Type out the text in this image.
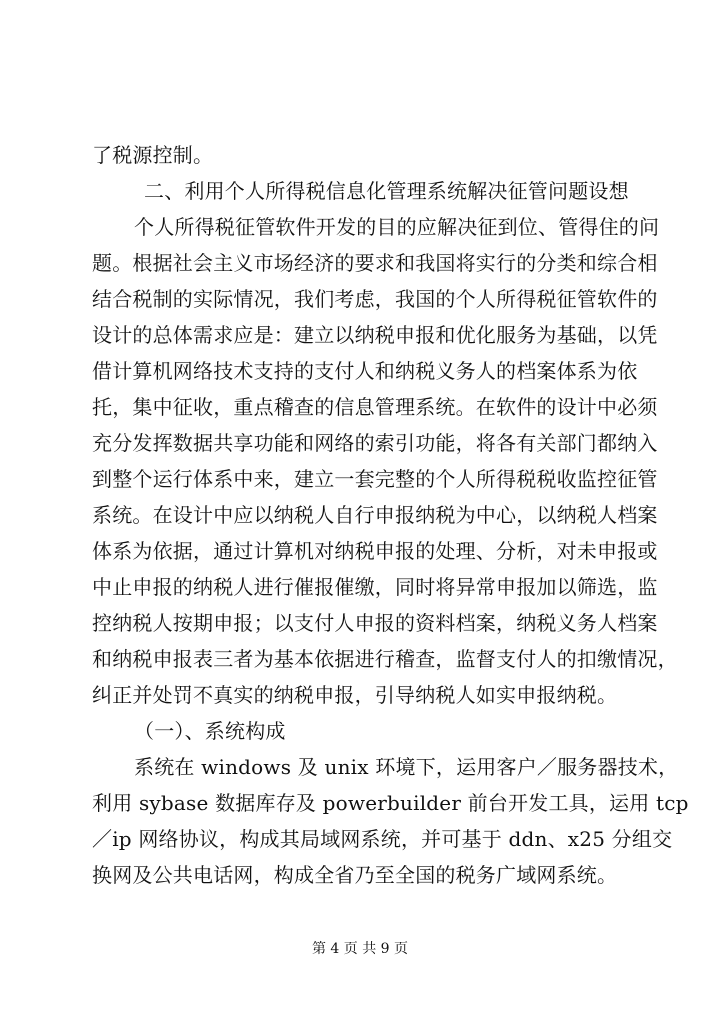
了税源控制。
二、利用个人所得税信息化管理系统解决征管问题设想
个人所得税征管软件开发的目的应解决征到位、管得住的问
题。根据社会主义市场经济的要求和我国将实行的分类和综合相
结合税制的实际情况，我们考虑，我国的个人所得税征管软件的
设计的总体需求应是：建立以纳税申报和优化服务为基础，以凭
借计算机网络技术支持的支付人和纳税义务人的档案体系为依
托，集中征收，重点稽查的信息管理系统。在软件的设计中必须
充分发挥数据共享功能和网络的索引功能，将各有关部门都纳入
到整个运行体系中来，建立一套完整的个人所得税税收监控征管
系统。在设计中应以纳税人自行申报纳税为中心，以纳税人档案
体系为依据，通过计算机对纳税申报的处理、分析，对未申报或
中止申报的纳税人进行催报催缴，同时将异常申报加以筛选，监
控纳税人按期申报；以支付人申报的资料档案，纳税义务人档案
和纳税申报表三者为基本依据进行稽查，监督支付人的扣缴情况，
纠正并处罚不真实的纳税申报，引导纳税人如实申报纳税。
（一）、系统构成
系统在 windows 及 unix 环境下，运用客户／服务器技术，
利用 sybase 数据库存及 powerbuilder 前台开发工具，运用 tcp
／ip 网络协议，构成其局域网系统，并可基于 ddn、x25 分组交
换网及公共电话网，构成全省乃至全国的税务广域网系统。
第 4 页 共 9 页
